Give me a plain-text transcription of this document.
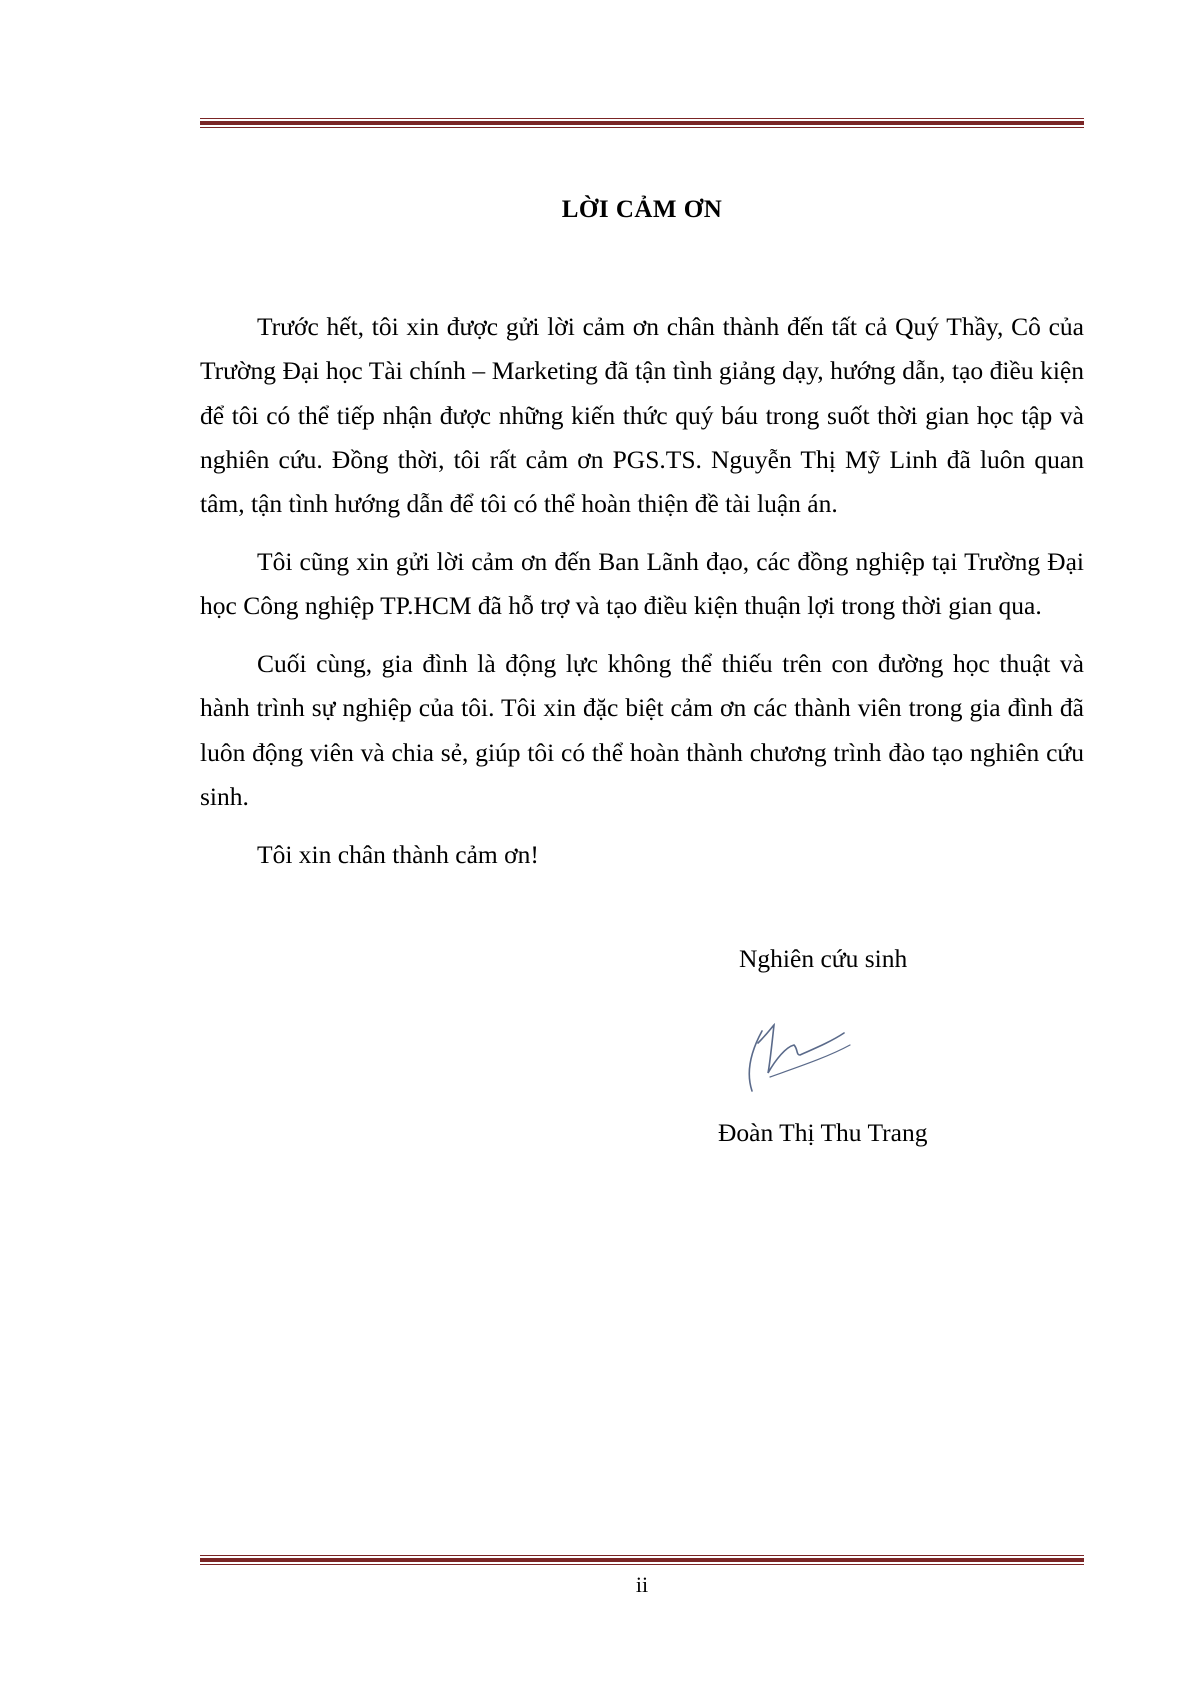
LỜI CẢM ƠN

Trước hết, tôi xin được gửi lời cảm ơn chân thành đến tất cả Quý Thầy, Cô của Trường Đại học Tài chính – Marketing đã tận tình giảng dạy, hướng dẫn, tạo điều kiện để tôi có thể tiếp nhận được những kiến thức quý báu trong suốt thời gian học tập và nghiên cứu. Đồng thời, tôi rất cảm ơn PGS.TS. Nguyễn Thị Mỹ Linh đã luôn quan tâm, tận tình hướng dẫn để tôi có thể hoàn thiện đề tài luận án.

Tôi cũng xin gửi lời cảm ơn đến Ban Lãnh đạo, các đồng nghiệp tại Trường Đại học Công nghiệp TP.HCM đã hỗ trợ và tạo điều kiện thuận lợi trong thời gian qua.

Cuối cùng, gia đình là động lực không thể thiếu trên con đường học thuật và hành trình sự nghiệp của tôi. Tôi xin đặc biệt cảm ơn các thành viên trong gia đình đã luôn động viên và chia sẻ, giúp tôi có thể hoàn thành chương trình đào tạo nghiên cứu sinh.

Tôi xin chân thành cảm ơn!

Nghiên cứu sinh
Đoàn Thị Thu Trang
ii
